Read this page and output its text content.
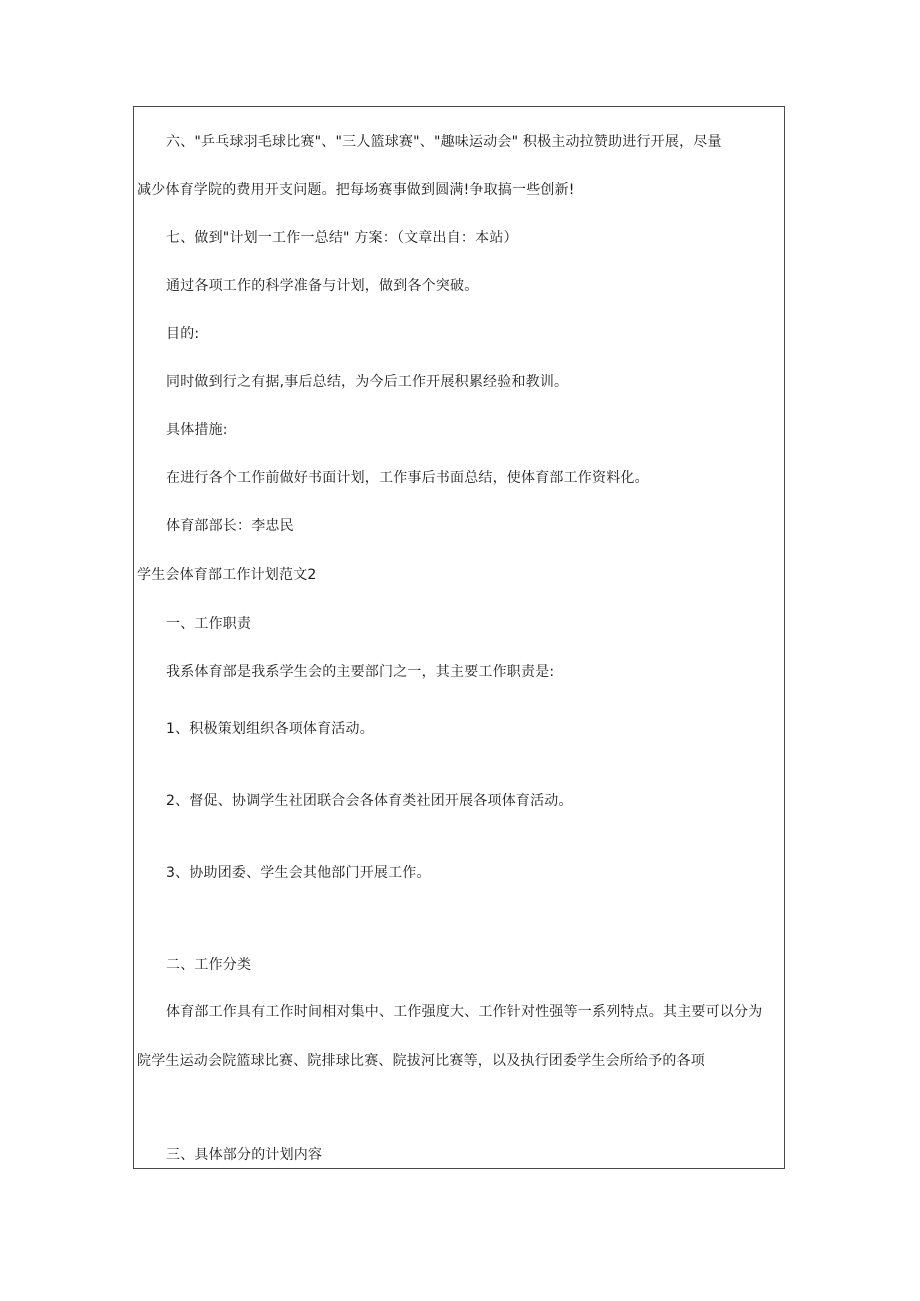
六、"乒乓球羽毛球比赛"、"三人篮球赛"、"趣味运动会" 积极主动拉赞助进行开展，尽量
减少体育学院的费用开支问题。把每场赛事做到圆满!争取搞一些创新!
七、做到"计划一工作一总结" 方案：（文章出自：本站）
通过各项工作的科学准备与计划，做到各个突破。
目的:
同时做到行之有据,事后总结，为今后工作开展积累经验和教训。
具体措施:
在进行各个工作前做好书面计划，工作事后书面总结，使体育部工作资料化。
体育部部长：李忠民
学生会体育部工作计划范文2
一、工作职责
我系体育部是我系学生会的主要部门之一，其主要工作职责是:
1、积极策划组织各项体育活动。
2、督促、协调学生社团联合会各体育类社团开展各项体育活动。
3、协助团委、学生会其他部门开展工作。
二、工作分类
体育部工作具有工作时间相对集中、工作强度大、工作针对性强等一系列特点。其主要可以分为
院学生运动会院篮球比赛、院排球比赛、院拔河比赛等，以及执行团委学生会所给予的各项
三、具体部分的计划内容
